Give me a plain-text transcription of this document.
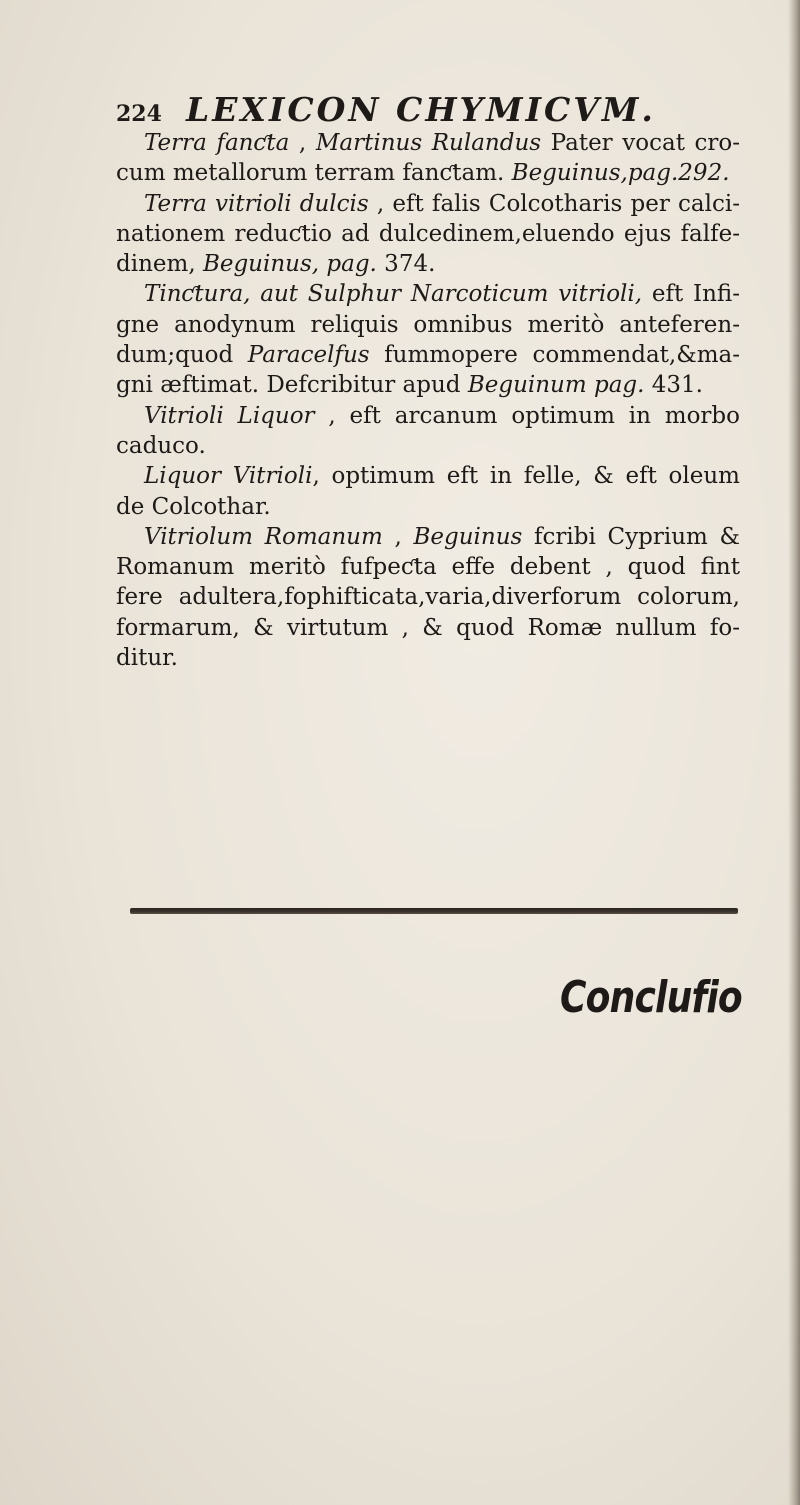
224 LEXICON CHYMICVM.

Terra fanƈta , Martinus Rulandus Pater vocat cro-cum metallorum terram fanƈtam. Beguinus,pag.292.

Terra vitrioli dulcis , eft falis Colcotharis per calci-nationem reduƈtio ad dulcedinem,eluendo ejus falfe-dinem, Beguinus, pag. 374.

Tinƈtura, aut Sulphur Narcoticum vitrioli, eft Infi-gne anodynum reliquis omnibus meritò anteferen-dum;quod Paracelfus fummopere commendat,&ma-gni æftimat. Defcribitur apud Beguinum pag. 431.

Vitrioli Liquor , eft arcanum optimum in morbo caduco.

Liquor Vitrioli, optimum eft in felle, & eft oleum de Colcothar.

Vitriolum Romanum , Beguinus fcribi Cyprium & Romanum meritò fufpeƈta effe debent , quod fint fere adultera,fophifticata,varia,diverforum colorum, formarum, & virtutum , & quod Romæ nullum fo-ditur.

Conclufio
